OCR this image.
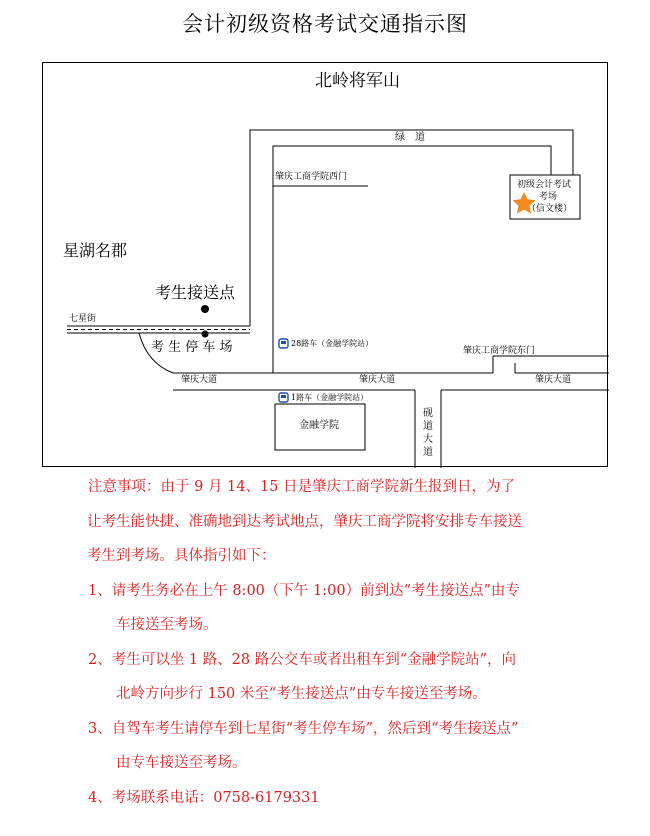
会计初级资格考试交通指示图
北岭将军山
星湖名郡
考生接送点
七星街
考 生 停 车 场
绿　道
肇庆工商学院西门
肇庆工商学院东门
初级会计考试
考场
（信文楼）
28路车（金融学院站）
1路车（金融学院站）
肇庆大道	肇庆大道	肇庆大道
砚道大道
金融学院
注意事项：由于 9 月 14、15 日是肇庆工商学院新生报到日，为了
让考生能快捷、准确地到达考试地点，肇庆工商学院将安排专车接送
考生到考场。具体指引如下：
1、请考生务必在上午 8:00（下午 1:00）前到达“考生接送点”由专
车接送至考场。
2、考生可以坐 1 路、28 路公交车或者出租车到“金融学院站”，向
北岭方向步行 150 米至“考生接送点”由专车接送至考场。
3、自驾车考生请停车到七星街“考生停车场”，然后到“考生接送点”
由专车接送至考场。
4、考场联系电话：0758-6179331
